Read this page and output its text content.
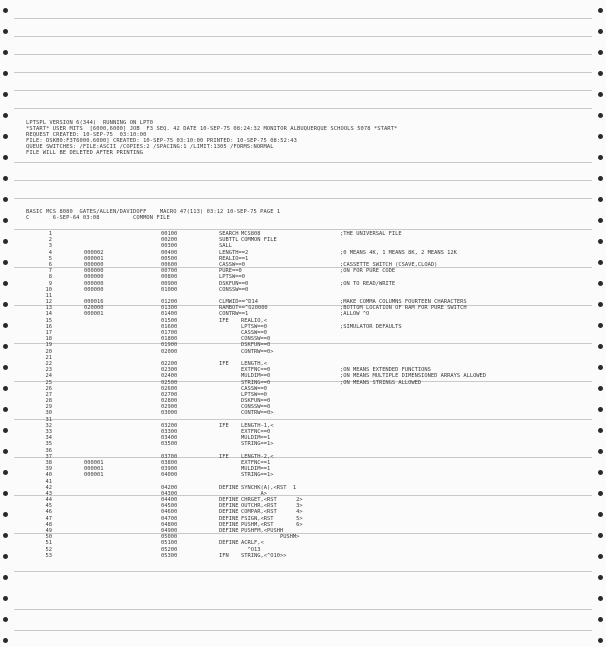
LPTSPL VERSION 6(344)  RUNNING ON LPT0
*START* USER MITS  [6000,6000] JOB  F3 SEQ. 42 DATE 10-SEP-75 08:24:32 MONITOR ALBUQUERQUE SCHOOLS 5078 *START*
REQUEST CREATED: 10-SEP-75  03:10:00
FILE: DSKB0:F3T6000.6000] CREATED: 10-SEP-75 03:10:00 PRINTED: 10-SEP-75 08:52:43
QUEUE SWITCHES: /FILE:ASCII /COPIES:2 /SPACING:1 /LIMIT:1305 /FORMS:NORMAL
FILE WILL BE DELETED AFTER PRINTING
BASIC MCS 8080  GATES/ALLEN/DAVIDOFF    MACRO 47(113) 03:12 10-SEP-75 PAGE 1
C       6-SEP-64 03:08          COMMON FILE
1	00100	SEARCH MCS808	;THE UNIVERSAL FILE
2	00200	SUBTTL COMMON FILE
3	00300	SALL
4	000002	00400	LENGTH==2	;0 MEANS 4K, 1 MEANS 8K, 2 MEANS 12K
5	000001	00500	REALIO==1
6	000000	00600	CASSW==0	;CASSETTE SWITCH (CSAVE,CLOAD)
7	000000	00700	PURE==0	;ON FOR PURE CODE
8	000000	00800	LPTSW==0
9	000000	00900	DSKFUN==0	;ON TO READ/WRITE
10	000000	01000	CONSSW==0
11
12	000016	01200	CLMWID==^D14	;MAKE COMMA COLUMNS FOURTEEN CHARACTERS
13	020000	01300	RAMBOT==^O20000	;BOTTOM LOCATION OF RAM FOR PURE SWITCH
14	000001	01400	CONTRW==1	;ALLOW ^O
15	01500	IFE REALIO,<
16	01600	LPTSW==0	;SIMULATOR DEFAULTS
17	01700	CASSW==0
18	01800	CONSSW==0
19	01900	DSKFUN==0
20	02000	CONTRW==0>
21
22	02200	IFE LENGTH,<
23	02300	EXTFNC==0	;ON MEANS EXTENDED FUNCTIONS
24	02400	MULDIM==0	;ON MEANS MULTIPLE DIMENSIONED ARRAYS ALLOWED
25	02500	STRING==0	;ON MEANS STRINGS ALLOWED
26	02600	CASSW==0
27	02700	LPTSW==0
28	02800	DSKFUN==0
29	02900	CONSSW==0
30	03000	CONTRW==0>
31
32	03200	IFE LENGTH-1,<
33	03300	EXTFNC==0
34	03400	MULDIM==1
35	03500	STRING==1>
36
37	03700	IFE LENGTH-2,<
38	000001	03800	EXTFNC==1
39	000001	03900	MULDIM==1
40	000001	04000	STRING==1>
41
42	04200	DEFINE SYNCHK(A),<RST  1
43	04300	A>
44	04400	DEFINE CHRGET,<RST      2>
45	04500	DEFINE OUTCHR,<RST      3>
46	04600	DEFINE COMPAR,<RST      4>
47	04700	DEFINE FSIGN,<RST       5>
48	04800	DEFINE PUSHM,<RST       6>
49	04900	DEFINE PUSHFM,<PUSHH
50	05000	PUSHM>
51	05100	DEFINE ACRLF,<
52	05200	^O13
53	05300	IFN STRING,<^O10>>
